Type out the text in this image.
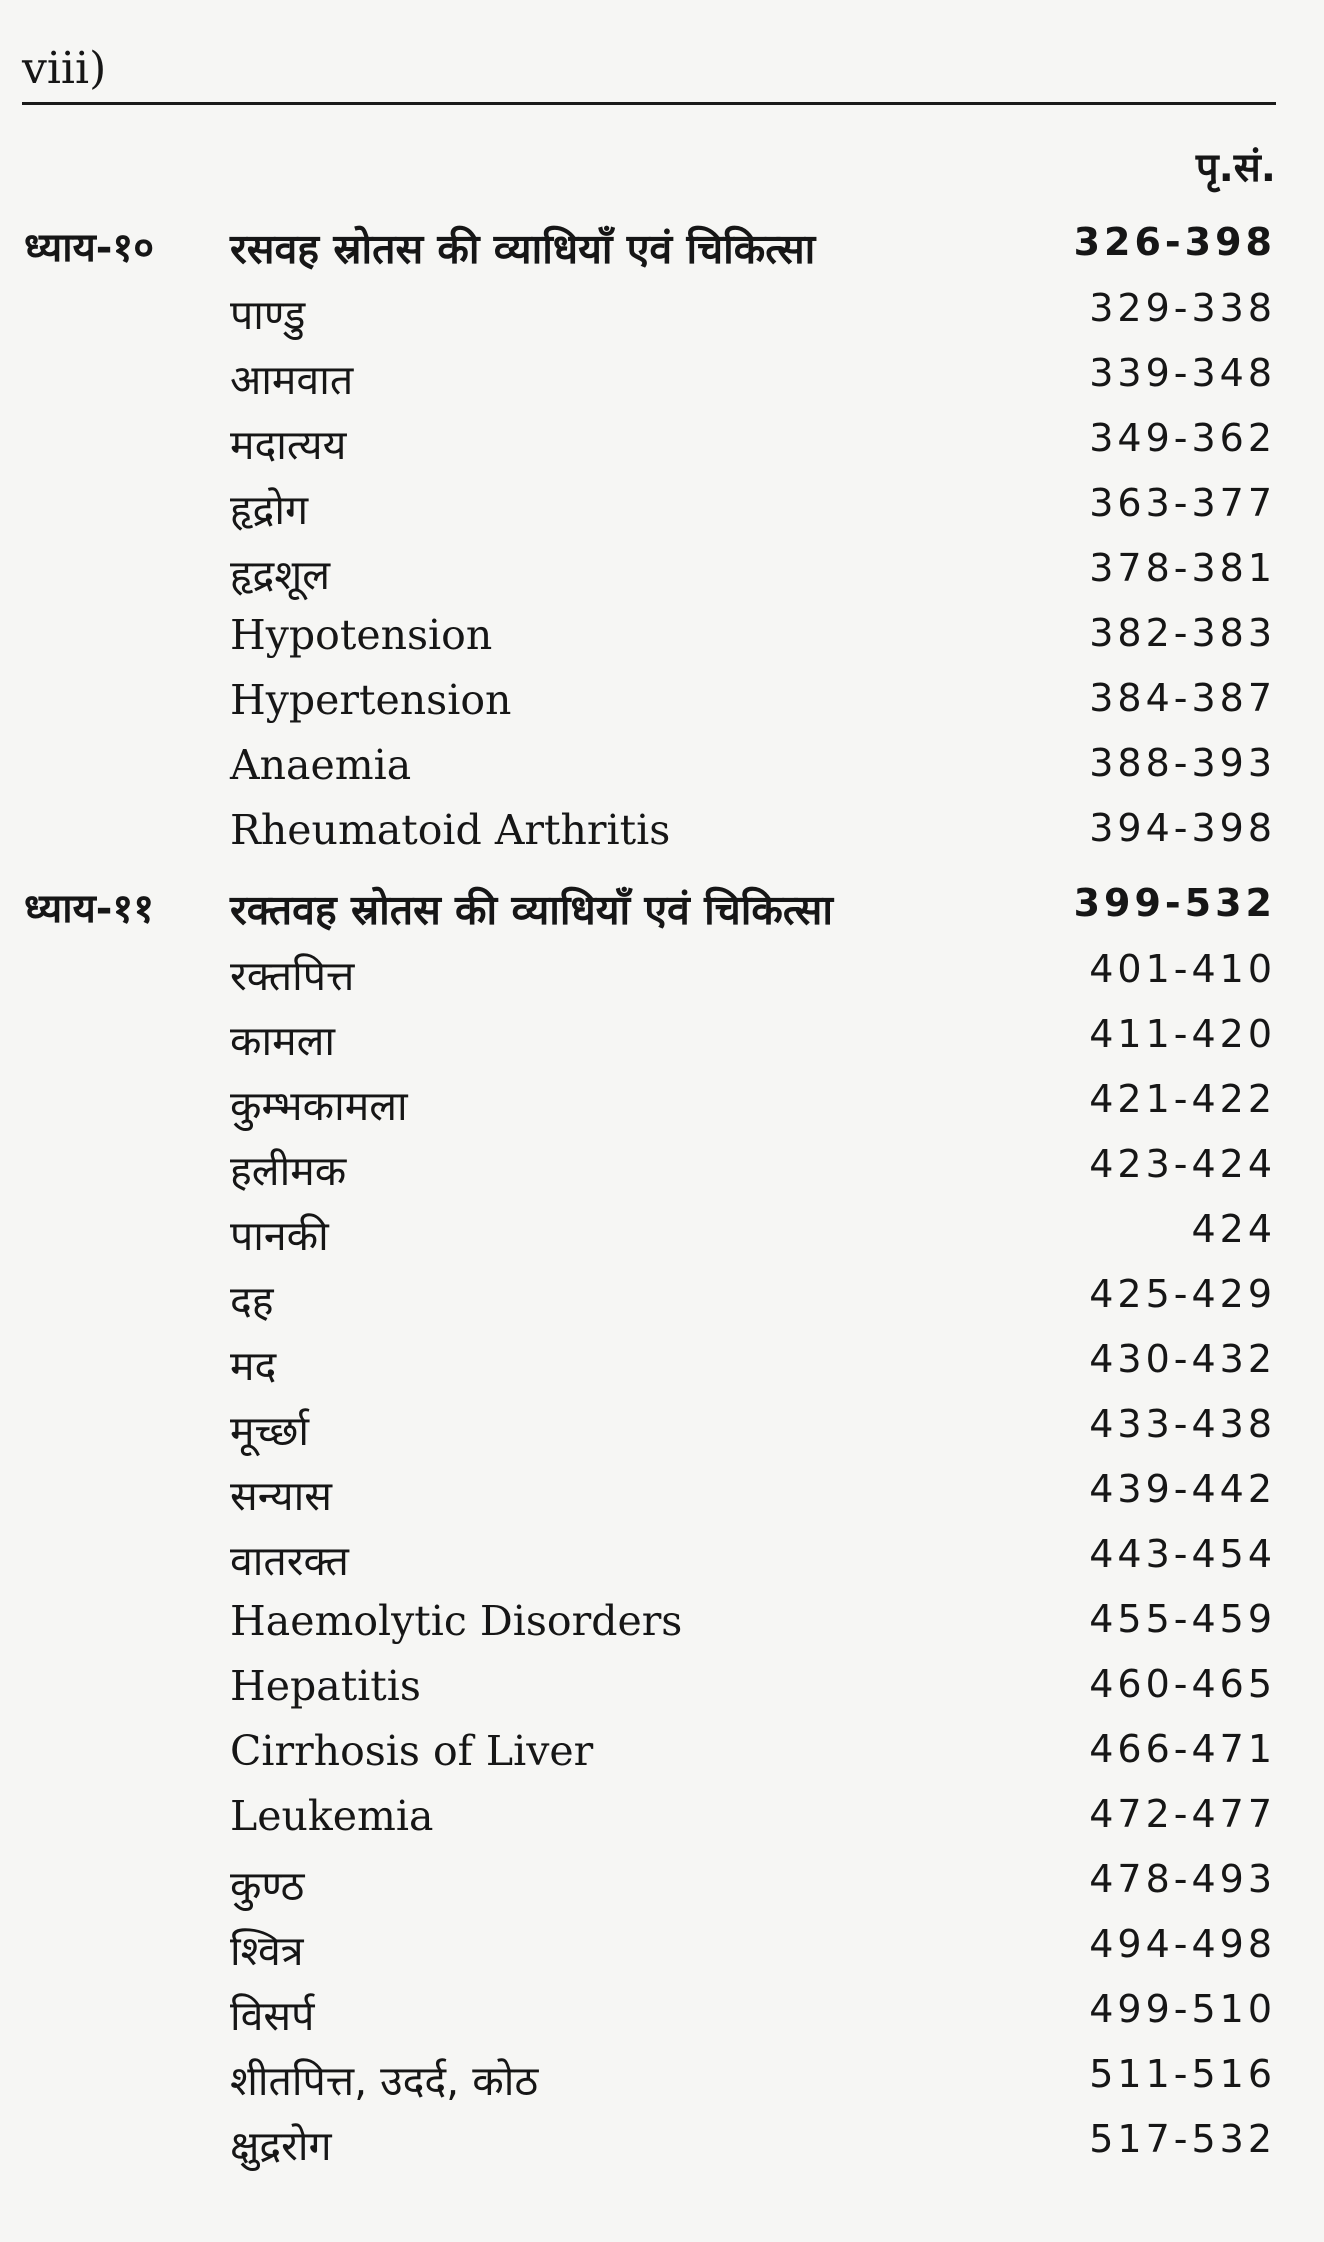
viii)
पृ.सं.
ध्याय-१० रसवह स्रोतस की व्याधियाँ एवं चिकित्सा	326-398
पाण्डु	329-338
आमवात	339-348
मदात्यय	349-362
हृद्रोग	363-377
हृद्रशूल	378-381
Hypotension	382-383
Hypertension	384-387
Anaemia	388-393
Rheumatoid Arthritis	394-398
ध्याय-११ रक्तवह स्रोतस की व्याधियाँ एवं चिकित्सा	399-532
रक्तपित्त	401-410
कामला	411-420
कुम्भकामला	421-422
हलीमक	423-424
पानकी	424
दह	425-429
मद	430-432
मूर्च्छा	433-438
सन्यास	439-442
वातरक्त	443-454
Haemolytic Disorders	455-459
Hepatitis	460-465
Cirrhosis of Liver	466-471
Leukemia	472-477
कुण्ठ	478-493
श्वित्र	494-498
विसर्प	499-510
शीतपित्त, उदर्द, कोठ	511-516
क्षुद्ररोग	517-532
